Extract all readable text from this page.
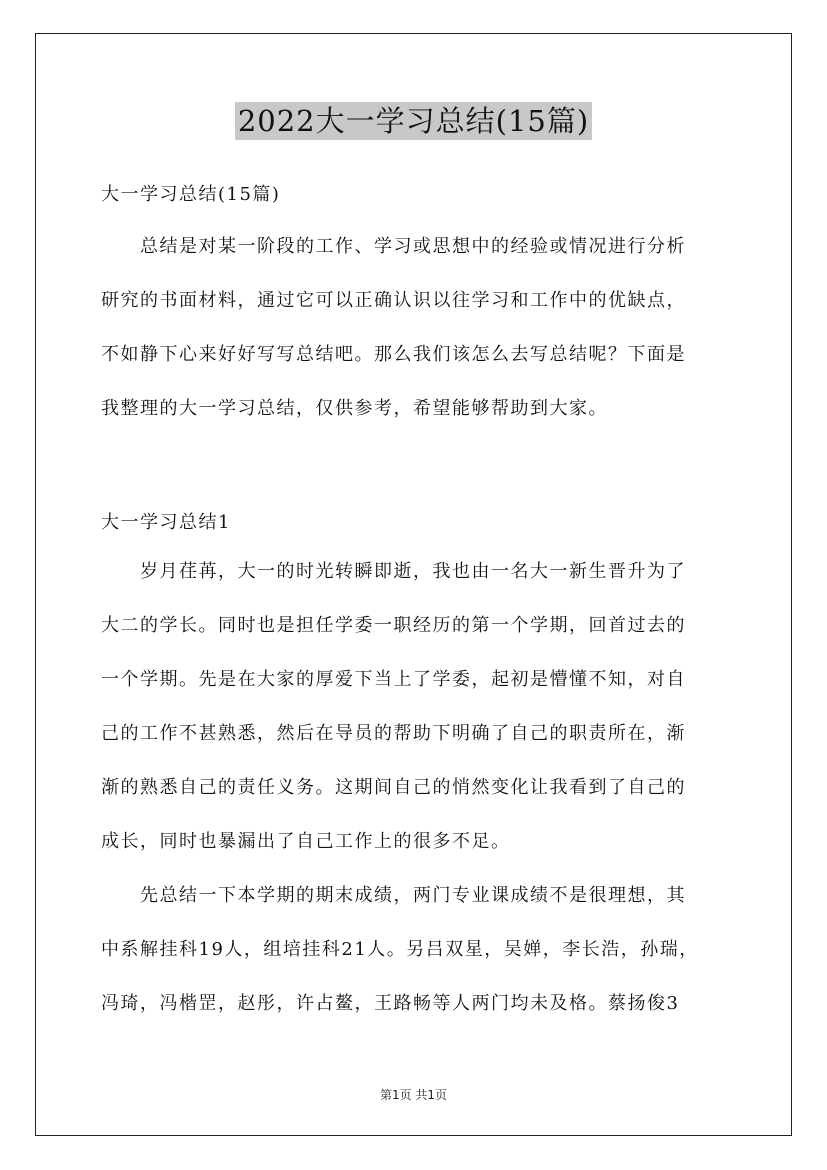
2022大一学习总结(15篇)
大一学习总结(15篇)
　　总结是对某一阶段的工作、学习或思想中的经验或情况进行分析
研究的书面材料，通过它可以正确认识以往学习和工作中的优缺点，
不如静下心来好好写写总结吧。那么我们该怎么去写总结呢？下面是
我整理的大一学习总结，仅供参考，希望能够帮助到大家。
大一学习总结1
　　岁月荏苒，大一的时光转瞬即逝，我也由一名大一新生晋升为了
大二的学长。同时也是担任学委一职经历的第一个学期，回首过去的
一个学期。先是在大家的厚爱下当上了学委，起初是懵懂不知，对自
己的工作不甚熟悉，然后在导员的帮助下明确了自己的职责所在，渐
渐的熟悉自己的责任义务。这期间自己的悄然变化让我看到了自己的
成长，同时也暴漏出了自己工作上的很多不足。
　　先总结一下本学期的期末成绩，两门专业课成绩不是很理想，其
中系解挂科19人，组培挂科21人。另吕双星，吴婵，李长浩，孙瑞，
冯琦，冯楷罡，赵彤，许占鳌，王路畅等人两门均未及格。蔡扬俊3
第1页 共1页
